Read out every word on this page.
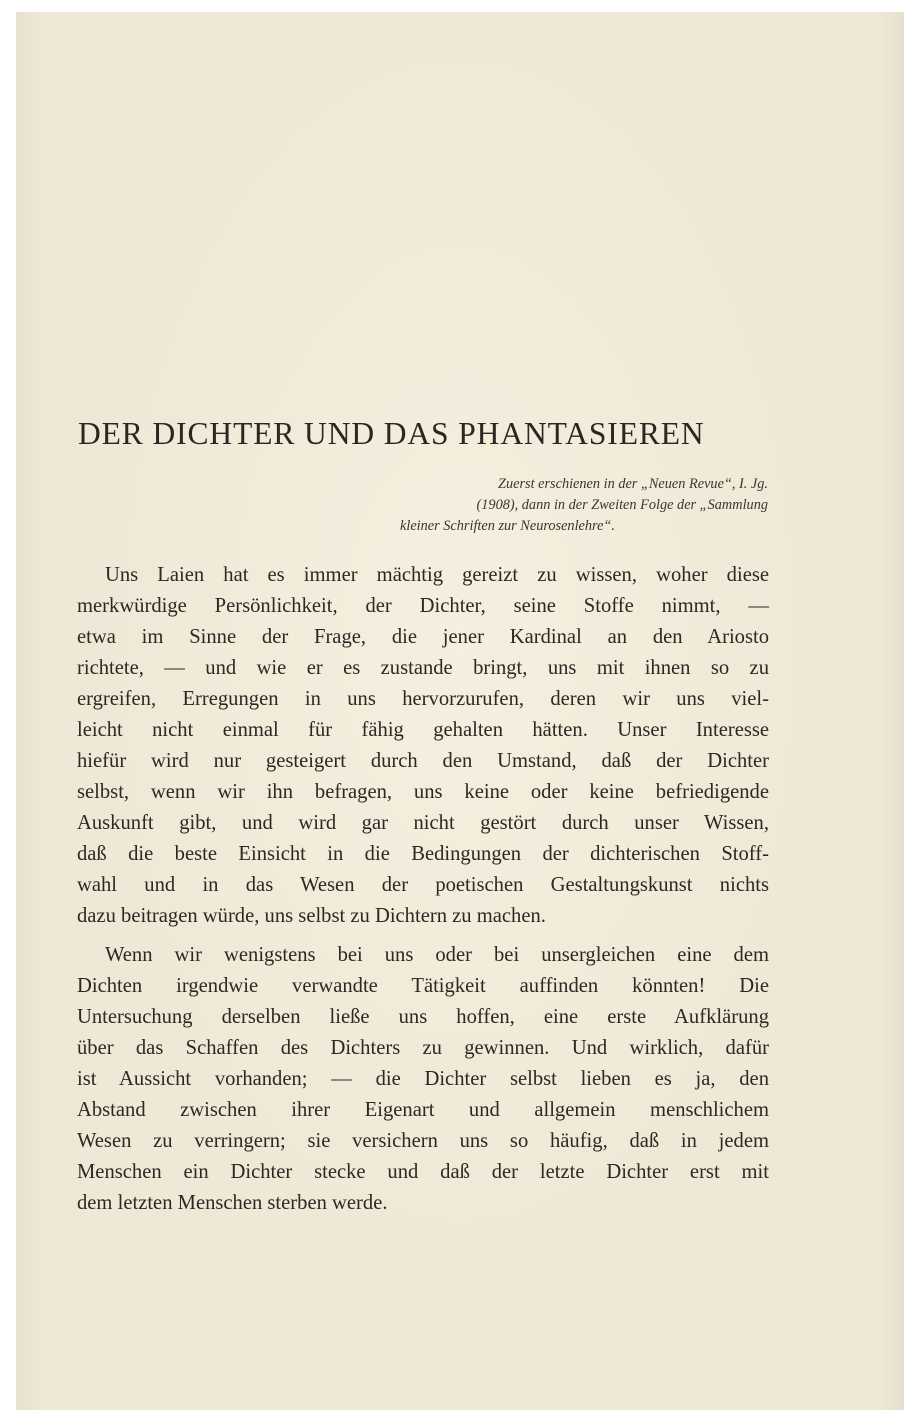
DER DICHTER UND DAS PHANTASIEREN
Zuerst erschienen in der „Neuen Revue“, I. Jg.
(1908), dann in der Zweiten Folge der „Sammlung
kleiner Schriften zur Neurosenlehre“.
Uns Laien hat es immer mächtig gereizt zu wissen, woher diese
merkwürdige Persönlichkeit, der Dichter, seine Stoffe nimmt, —
etwa im Sinne der Frage, die jener Kardinal an den Ariosto
richtete, — und wie er es zustande bringt, uns mit ihnen so zu
ergreifen, Erregungen in uns hervorzurufen, deren wir uns viel-
leicht nicht einmal für fähig gehalten hätten. Unser Interesse
hiefür wird nur gesteigert durch den Umstand, daß der Dichter
selbst, wenn wir ihn befragen, uns keine oder keine befriedigende
Auskunft gibt, und wird gar nicht gestört durch unser Wissen,
daß die beste Einsicht in die Bedingungen der dichterischen Stoff-
wahl und in das Wesen der poetischen Gestaltungskunst nichts
dazu beitragen würde, uns selbst zu Dichtern zu machen.
Wenn wir wenigstens bei uns oder bei unsergleichen eine dem
Dichten irgendwie verwandte Tätigkeit auffinden könnten! Die
Untersuchung derselben ließe uns hoffen, eine erste Aufklärung
über das Schaffen des Dichters zu gewinnen. Und wirklich, dafür
ist Aussicht vorhanden; — die Dichter selbst lieben es ja, den
Abstand zwischen ihrer Eigenart und allgemein menschlichem
Wesen zu verringern; sie versichern uns so häufig, daß in jedem
Menschen ein Dichter stecke und daß der letzte Dichter erst mit
dem letzten Menschen sterben werde.
